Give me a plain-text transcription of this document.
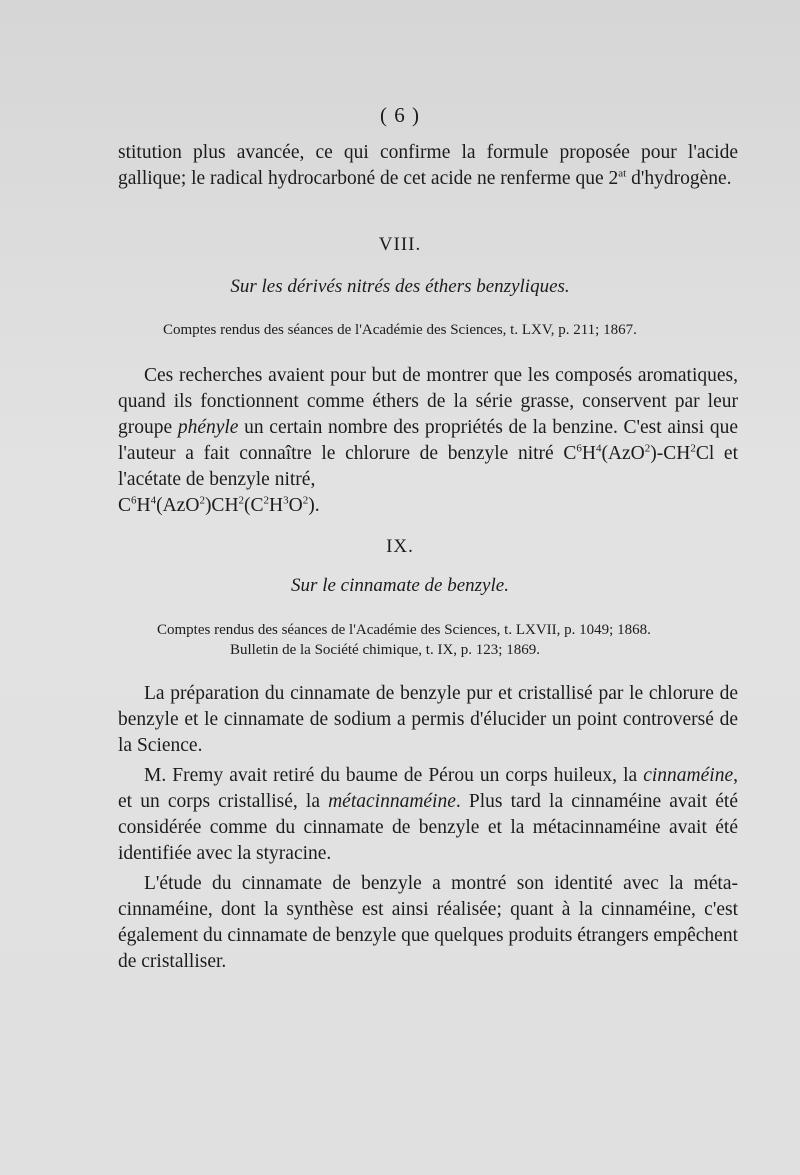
( 6 )

stitution plus avancée, ce qui confirme la formule proposée pour l'acide gallique; le radical hydrocarboné de cet acide ne renferme que $2^{at}$ d'hydrogène.

VIII.
Sur les dérivés nitrés des éthers benzyliques.
Comptes rendus des séances de l'Académie des Sciences, t. LXV, p. 211; 1867.

Ces recherches avaient pour but de montrer que les composés aromatiques, quand ils fonctionnent comme éthers de la série grasse, conservent par leur groupe phényle un certain nombre des propriétés de la benzine. C'est ainsi que l'auteur a fait connaître le chlorure de benzyle nitré $C^6H^4(AzO^2)-CH^2Cl$ et l'acétate de benzyle nitré,
$C^6H^4(AzO^2)CH^2(C^2H^3O^2)$.

IX.
Sur le cinnamate de benzyle.
Comptes rendus des séances de l'Académie des Sciences, t. LXVII, p. 1049; 1868.
Bulletin de la Société chimique, t. IX, p. 123; 1869.

La préparation du cinnamate de benzyle pur et cristallisé par le chlorure de benzyle et le cinnamate de sodium a permis d'élucider un point controversé de la Science.

M. Fremy avait retiré du baume de Pérou un corps huileux, la cinnaméine, et un corps cristallisé, la métacinnaméine. Plus tard la cinnaméine avait été considérée comme du cinnamate de benzyle et la métacinnaméine avait été identifiée avec la styracine.

L'étude du cinnamate de benzyle a montré son identité avec la métacinnaméine, dont la synthèse est ainsi réalisée; quant à la cinnaméine, c'est également du cinnamate de benzyle que quelques produits étrangers empêchent de cristalliser.
